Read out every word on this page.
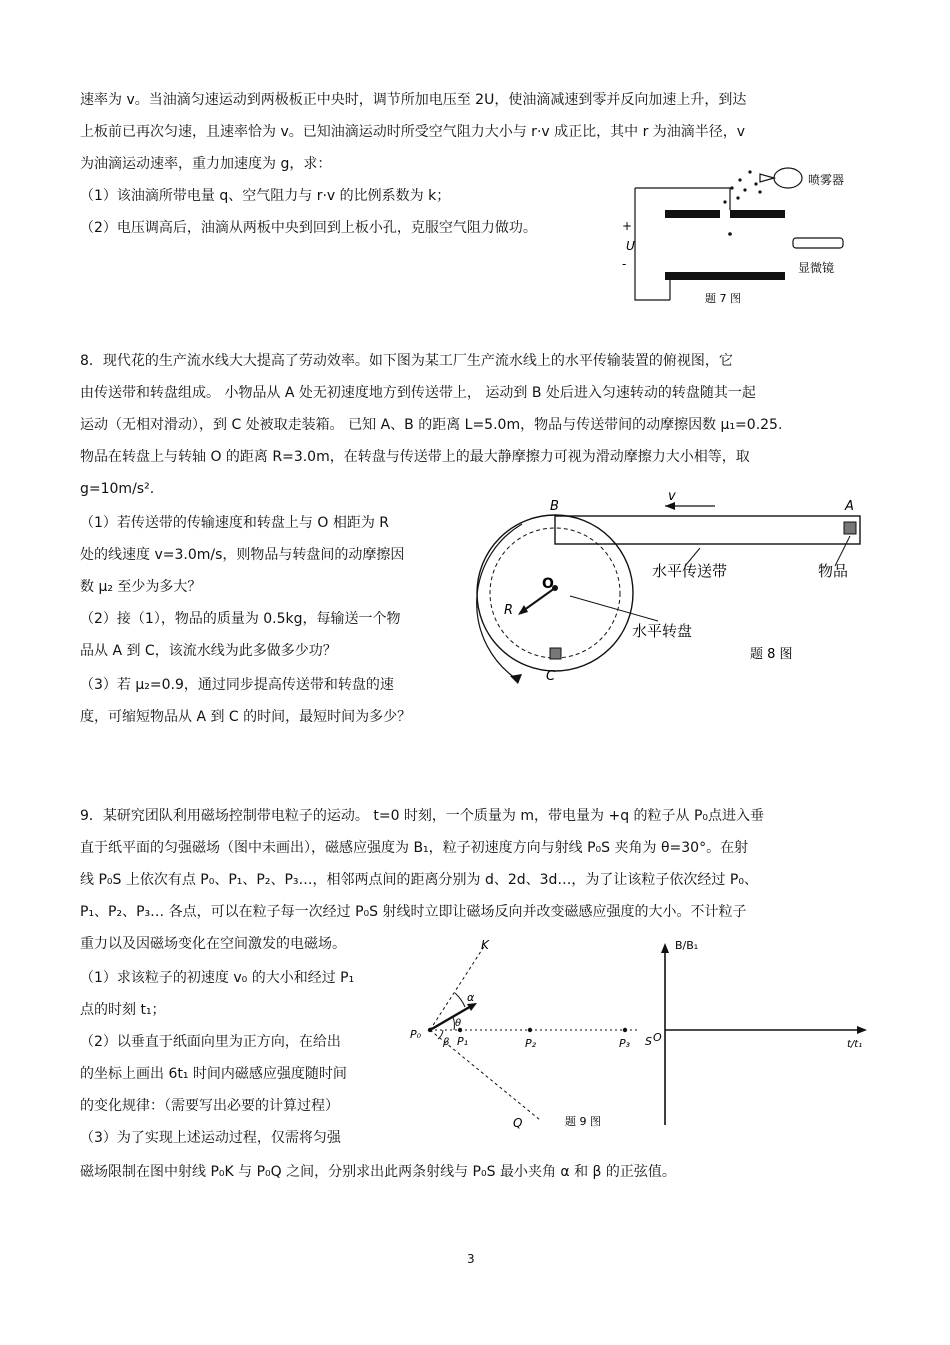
速率为 v。当油滴匀速运动到两极板正中央时，调节所加电压至 2U，使油滴减速到零并反向加速上升，到达
上板前已再次匀速，且速率恰为 v。已知油滴运动时所受空气阻力大小与 r·v 成正比，其中 r 为油滴半径，v
为油滴运动速率，重力加速度为 g，求：
（1）该油滴所带电量 q、空气阻力与 r·v 的比例系数为 k；
（2）电压调高后，油滴从两板中央到回到上板小孔，克服空气阻力做功。
喷雾器
显微镜
+
-
U
题 7 图
8．现代花的生产流水线大大提高了劳动效率。如下图为某工厂生产流水线上的水平传输装置的俯视图，它
由传送带和转盘组成。 小物品从 A 处无初速度地方到传送带上， 运动到 B 处后进入匀速转动的转盘随其一起
运动（无相对滑动），到 C 处被取走装箱。 已知 A、B 的距离 L=5.0m，物品与传送带间的动摩擦因数 μ₁=0.25.
物品在转盘上与转轴 O 的距离 R=3.0m，在转盘与传送带上的最大静摩擦力可视为滑动摩擦力大小相等，取
g=10m/s².
（1）若传送带的传输速度和转盘上与 O 相距为 R
处的线速度 v=3.0m/s，则物品与转盘间的动摩擦因
数 μ₂ 至少为多大？
（2）接（1），物品的质量为 0.5kg，每输送一个物
品从 A 到 C，该流水线为此多做多少功？
（3）若 μ₂=0.9，通过同步提高传送带和转盘的速
度，可缩短物品从 A 到 C 的时间，最短时间为多少？
B	A
v
O
R
C
水平传送带	物品
水平转盘
题 8 图
9．某研究团队利用磁场控制带电粒子的运动。 t=0 时刻，一个质量为 m，带电量为 +q 的粒子从 P₀点进入垂
直于纸平面的匀强磁场（图中未画出），磁感应强度为 B₁，粒子初速度方向与射线 P₀S 夹角为 θ=30°。在射
线 P₀S 上依次有点 P₀、P₁、P₂、P₃…，相邻两点间的距离分别为 d、2d、3d…，为了让该粒子依次经过 P₀、
P₁、P₂、P₃… 各点，可以在粒子每一次经过 P₀S 射线时立即让磁场反向并改变磁感应强度的大小。不计粒子
重力以及因磁场变化在空间激发的电磁场。
（1）求该粒子的初速度 v₀ 的大小和经过 P₁
点的时刻 t₁；
（2）以垂直于纸面向里为正方向，在给出
的坐标上画出 6t₁ 时间内磁感应强度随时间
的变化规律：（需要写出必要的计算过程）
（3）为了实现上述运动过程，仅需将匀强
磁场限制在图中射线 P₀K 与 P₀Q 之间，分别求出此两条射线与 P₀S 最小夹角 α 和 β 的正弦值。
K
Q
P₀
P₁	P₂	P₃ S
θ
α
β
题 9 图
B/B₁
O
t/t₁
3
